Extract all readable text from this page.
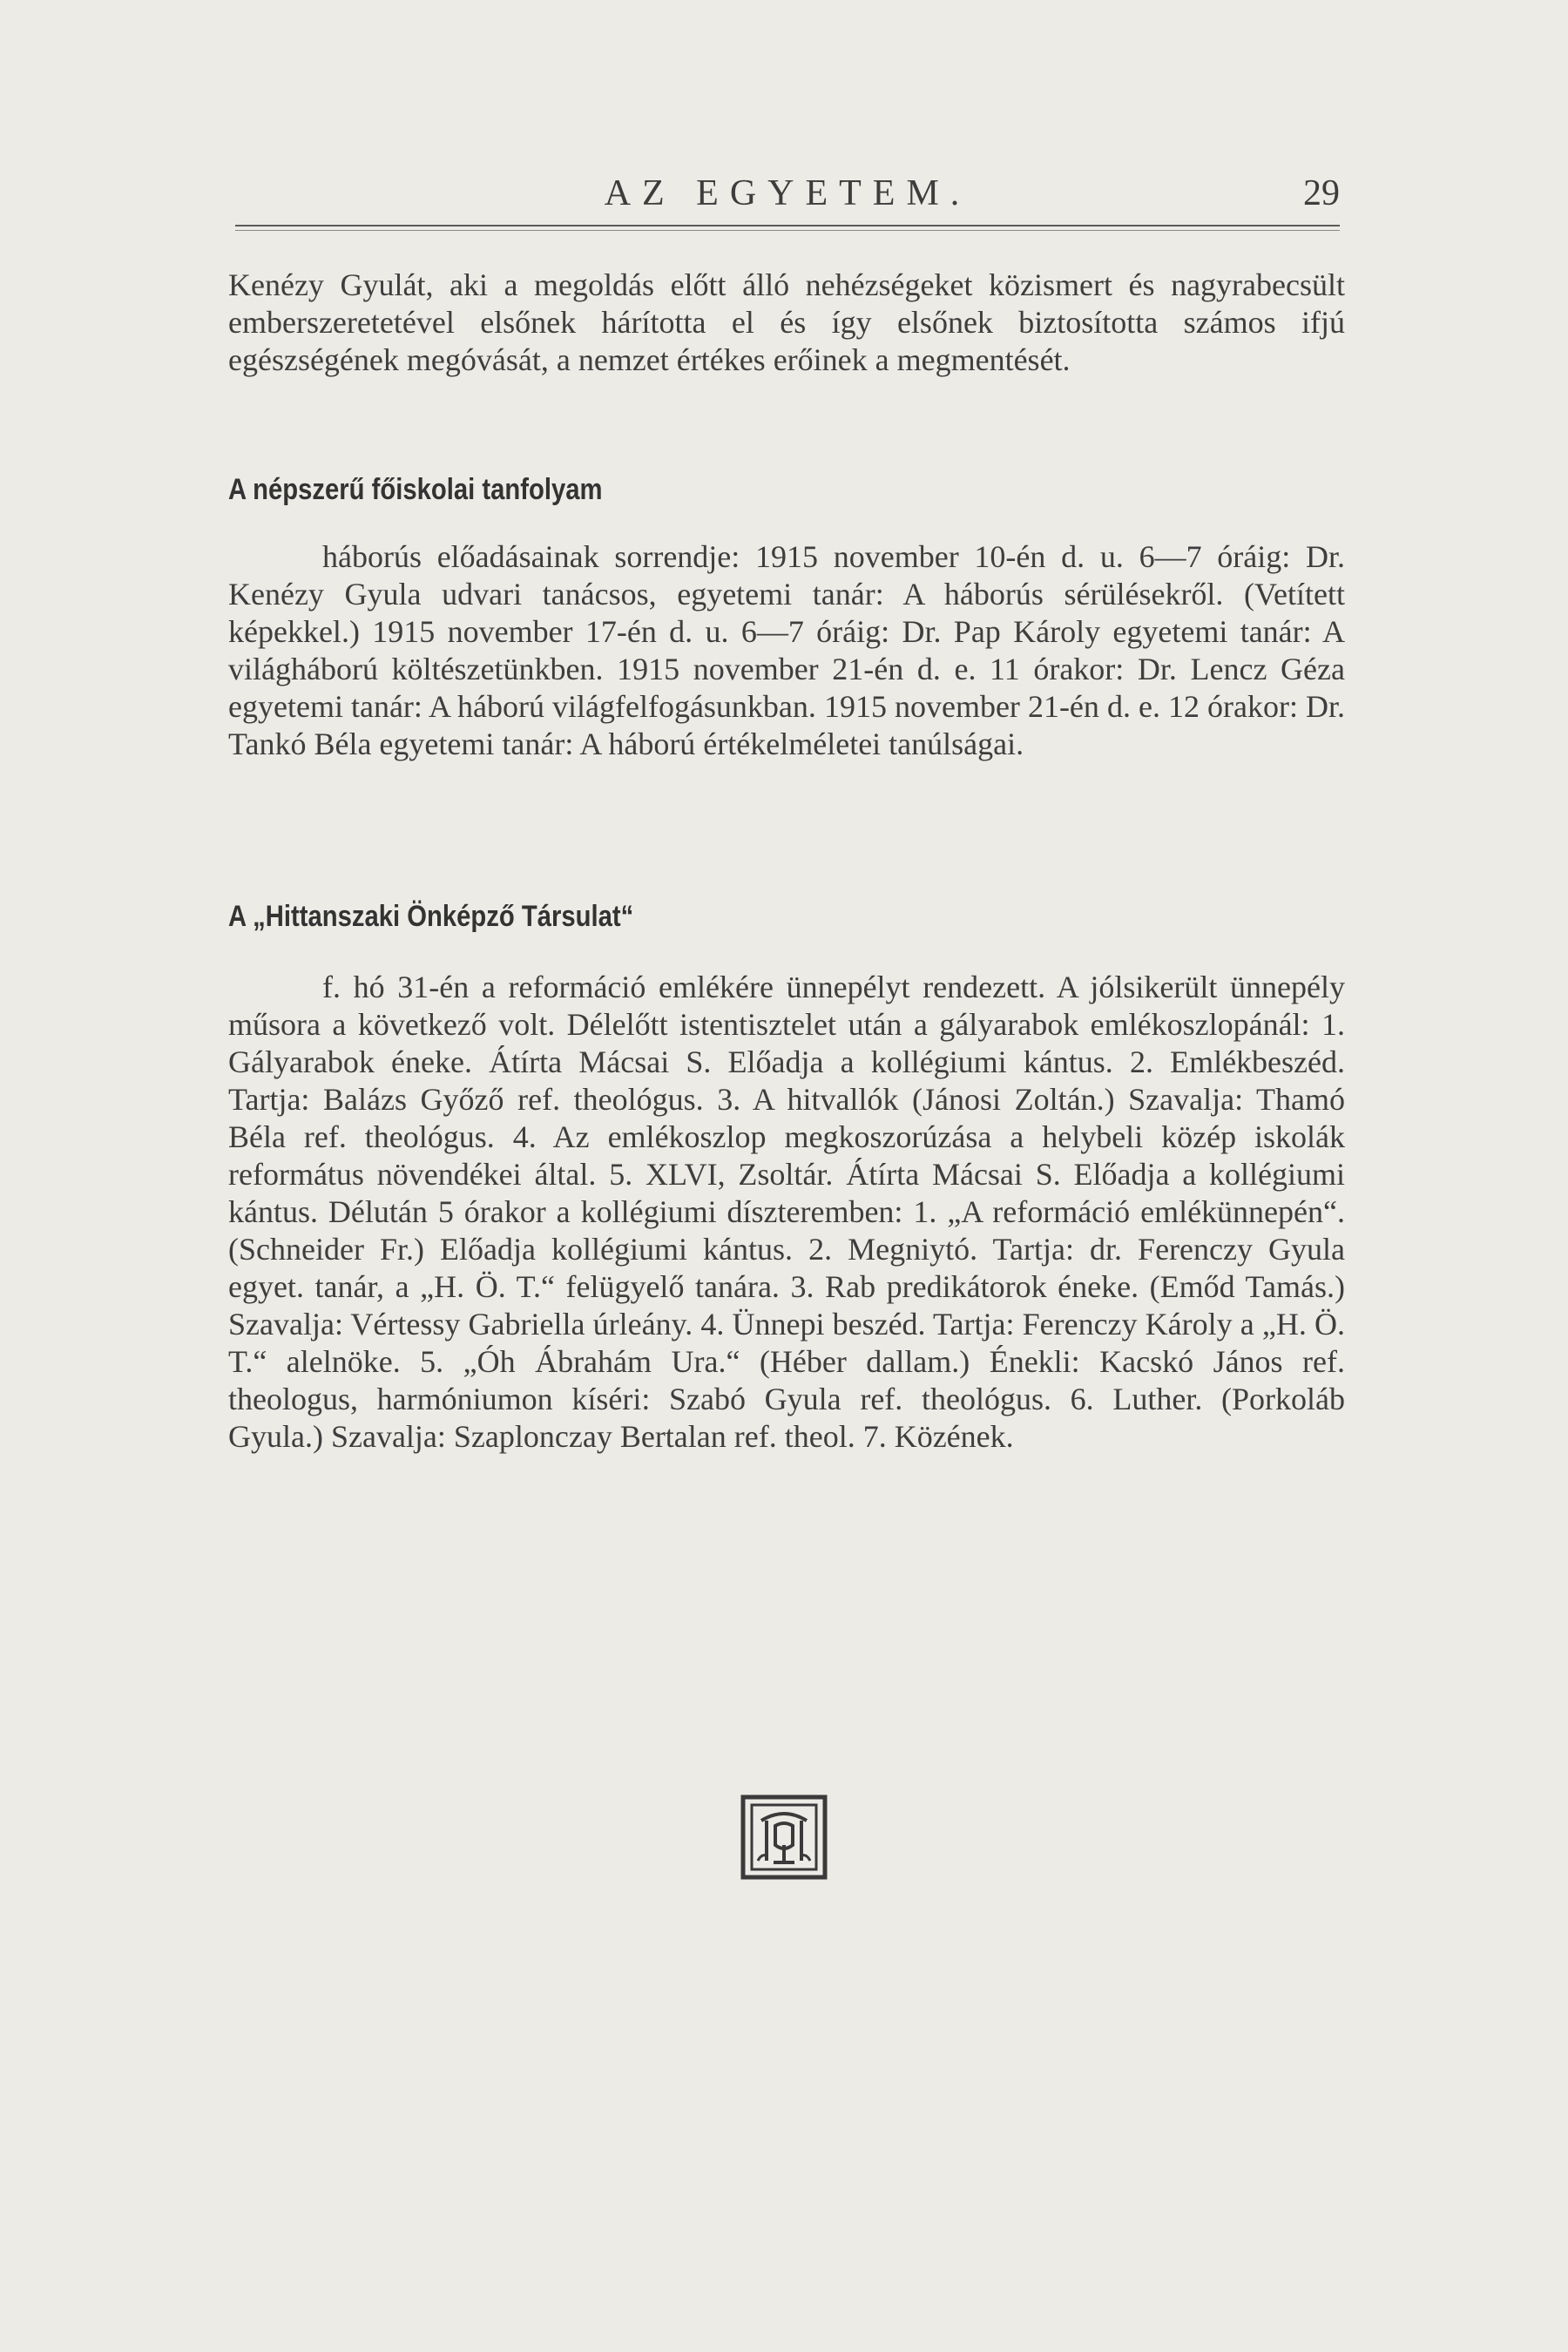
AZ EGYETEM.	29
Kenézy Gyulát, aki a megoldás előtt álló nehézségeket közismert és nagyrabecsült emberszeretetével elsőnek hárította el és így elsőnek biztosította számos ifjú egészségének megóvását, a nemzet értékes erőinek a megmentését.
A népszerű főiskolai tanfolyam
háborús előadásainak sorrendje: 1915 november 10-én d. u. 6—7 óráig: Dr. Kenézy Gyula udvari tanácsos, egyetemi tanár: A háborús sérülésekről. (Vetített képekkel.) 1915 november 17-én d. u. 6—7 óráig: Dr. Pap Károly egyetemi tanár: A világháború költészetünkben. 1915 november 21-én d. e. 11 órakor: Dr. Lencz Géza egyetemi tanár: A háború világfelfogásunkban. 1915 november 21-én d. e. 12 órakor: Dr. Tankó Béla egyetemi tanár: A háború értékelméletei tanúlságai.
A „Hittanszaki Önképző Társulat“
f. hó 31-én a reformáció emlékére ünnepélyt rendezett. A jólsikerült ünnepély műsora a következő volt. Délelőtt istentisztelet után a gályarabok emlékoszlopánál: 1. Gályarabok éneke. Átírta Mácsai S. Előadja a kollégiumi kántus. 2. Emlékbeszéd. Tartja: Balázs Győző ref. theológus. 3. A hitvallók (Jánosi Zoltán.) Szavalja: Thamó Béla ref. theológus. 4. Az emlékoszlop megkoszorúzása a helybeli közép iskolák református növendékei által. 5. XLVI, Zsoltár. Átírta Mácsai S. Előadja a kollégiumi kántus. Délután 5 órakor a kollégiumi díszteremben: 1. „A reformáció emlékünnepén“. (Schneider Fr.) Előadja kollégiumi kántus. 2. Megniytó. Tartja: dr. Ferenczy Gyula egyet. tanár, a „H. Ö. T.“ felügyelő tanára. 3. Rab predikátorok éneke. (Emőd Tamás.) Szavalja: Vértessy Gabriella úrleány. 4. Ünnepi beszéd. Tartja: Ferenczy Károly a „H. Ö. T.“ alelnöke. 5. „Óh Ábrahám Ura.“ (Héber dallam.) Énekli: Kacskó János ref. theologus, harmóniumon kíséri: Szabó Gyula ref. theológus. 6. Luther. (Porkoláb Gyula.) Szavalja: Szaplonczay Bertalan ref. theol. 7. Közének.
